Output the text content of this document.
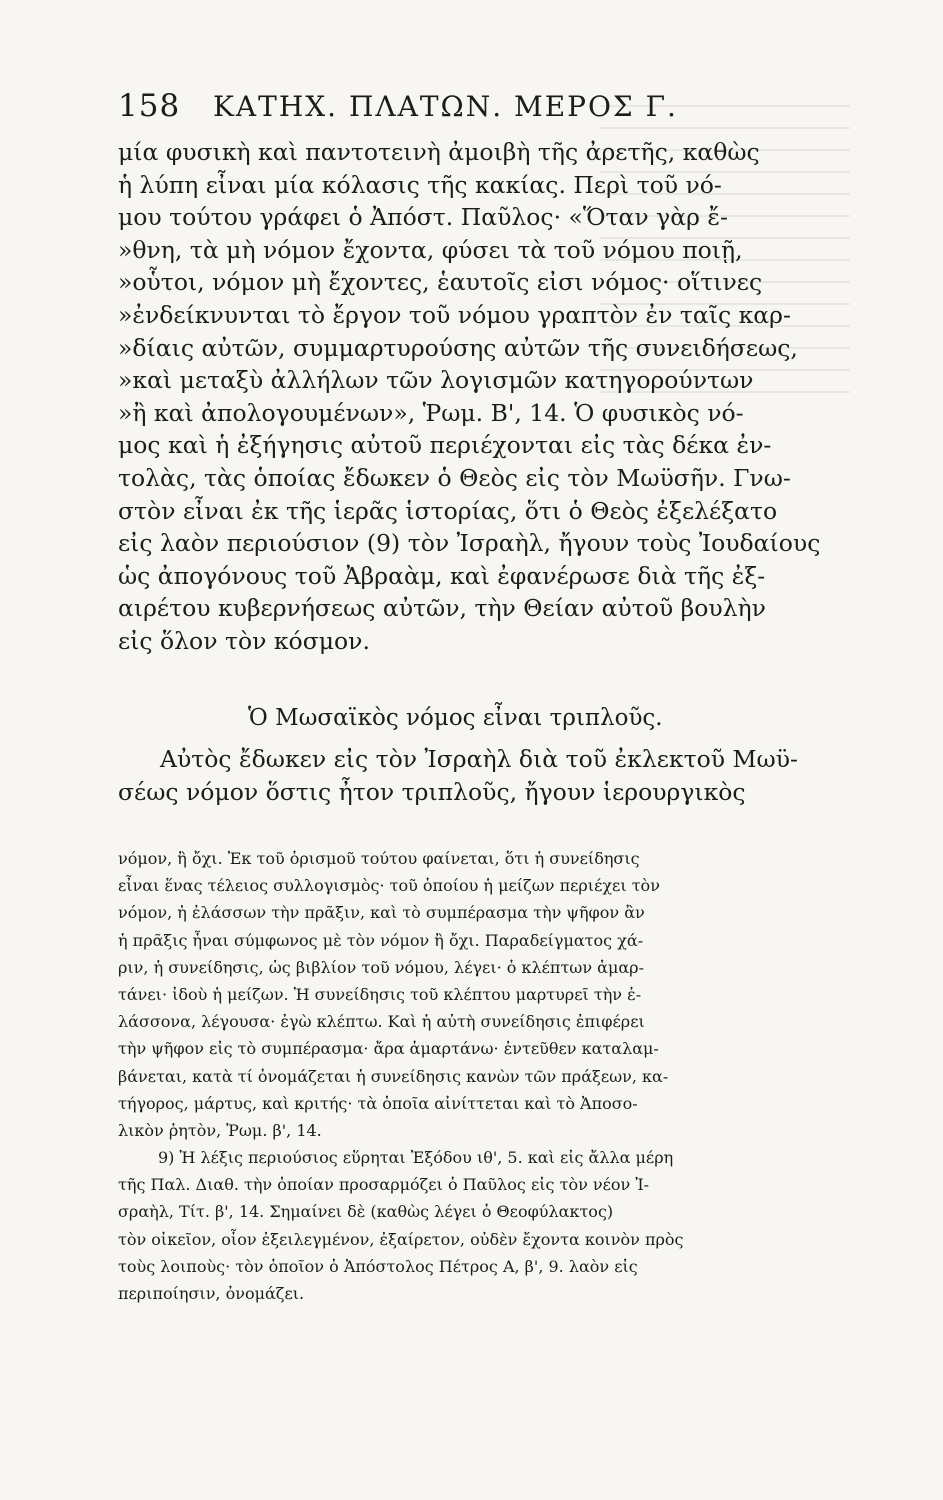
158 ΚΑΤΗΧ. ΠΛΑΤΩΝ. ΜΕΡΟΣ Γ.
μία φυσικὴ καὶ παντοτεινὴ ἀμοιβὴ τῆς ἀρετῆς, καθὼς
ἡ λύπη εἶναι μία κόλασις τῆς κακίας. Περὶ τοῦ νό-
μου τούτου γράφει ὁ Ἀπόστ. Παῦλος· «Ὅταν γὰρ ἔ-
»θνη, τὰ μὴ νόμον ἔχοντα, φύσει τὰ τοῦ νόμου ποιῇ,
»οὗτοι, νόμον μὴ ἔχοντες, ἑαυτοῖς εἰσι νόμος· οἵτινες
»ἐνδείκνυνται τὸ ἔργον τοῦ νόμου γραπτὸν ἐν ταῖς καρ-
»δίαις αὐτῶν, συμμαρτυρούσης αὐτῶν τῆς συνειδήσεως,
»καὶ μεταξὺ ἀλλήλων τῶν λογισμῶν κατηγορούντων
»ἢ καὶ ἀπολογουμένων», Ῥωμ. Β', 14. Ὁ φυσικὸς νό-
μος καὶ ἡ ἐξήγησις αὐτοῦ περιέχονται εἰς τὰς δέκα ἐν-
τολὰς, τὰς ὁποίας ἔδωκεν ὁ Θεὸς εἰς τὸν Μωϋσῆν. Γνω-
στὸν εἶναι ἐκ τῆς ἱερᾶς ἱστορίας, ὅτι ὁ Θεὸς ἐξελέξατο
εἰς λαὸν περιούσιον (9) τὸν Ἰσραὴλ, ἤγουν τοὺς Ἰουδαίους
ὡς ἀπογόνους τοῦ Ἀβραὰμ, καὶ ἐφανέρωσε διὰ τῆς ἐξ-
αιρέτου κυβερνήσεως αὐτῶν, τὴν Θείαν αὐτοῦ βουλὴν
εἰς ὅλον τὸν κόσμον.
Ὁ Μωσαϊκὸς νόμος εἶναι τριπλοῦς.
Αὐτὸς ἔδωκεν εἰς τὸν Ἰσραὴλ διὰ τοῦ ἐκλεκτοῦ Μωϋ-
σέως νόμον ὅστις ἦτον τριπλοῦς, ἤγουν ἱερουργικὸς
νόμον, ἢ ὄχι. Ἐκ τοῦ ὁρισμοῦ τούτου φαίνεται, ὅτι ἡ συνείδησις
εἶναι ἕνας τέλειος συλλογισμὸς· τοῦ ὁποίου ἡ μείζων περιέχει τὸν
νόμον, ἡ ἐλάσσων τὴν πρᾶξιν, καὶ τὸ συμπέρασμα τὴν ψῆφον ἂν
ἡ πρᾶξις ἦναι σύμφωνος μὲ τὸν νόμον ἢ ὄχι. Παραδείγματος χά-
ριν, ἡ συνείδησις, ὡς βιβλίον τοῦ νόμου, λέγει· ὁ κλέπτων ἁμαρ-
τάνει· ἰδοὺ ἡ μείζων. Ἡ συνείδησις τοῦ κλέπτου μαρτυρεῖ τὴν ἐ-
λάσσονα, λέγουσα· ἐγὼ κλέπτω. Καὶ ἡ αὐτὴ συνείδησις ἐπιφέρει
τὴν ψῆφον εἰς τὸ συμπέρασμα· ἄρα ἁμαρτάνω· ἐντεῦθεν καταλαμ-
βάνεται, κατὰ τί ὀνομάζεται ἡ συνείδησις κανὼν τῶν πράξεων, κα-
τήγορος, μάρτυς, καὶ κριτής· τὰ ὁποῖα αἰνίττεται καὶ τὸ Ἀποσο-
λικὸν ῥητὸν, Ῥωμ. β', 14.
9) Ἡ λέξις περιούσιος εὕρηται Ἐξόδου ιθ', 5. καὶ εἰς ἄλλα μέρη
τῆς Παλ. Διαθ. τὴν ὁποίαν προσαρμόζει ὁ Παῦλος εἰς τὸν νέον Ἰ-
σραὴλ, Τίτ. β', 14. Σημαίνει δὲ (καθὼς λέγει ὁ Θεοφύλακτος)
τὸν οἰκεῖον, οἷον ἐξειλεγμένον, ἐξαίρετον, οὐδὲν ἔχοντα κοινὸν πρὸς
τοὺς λοιποὺς· τὸν ὁποῖον ὁ Ἀπόστολος Πέτρος Α, β', 9. λαὸν εἰς
περιποίησιν, ὀνομάζει.
